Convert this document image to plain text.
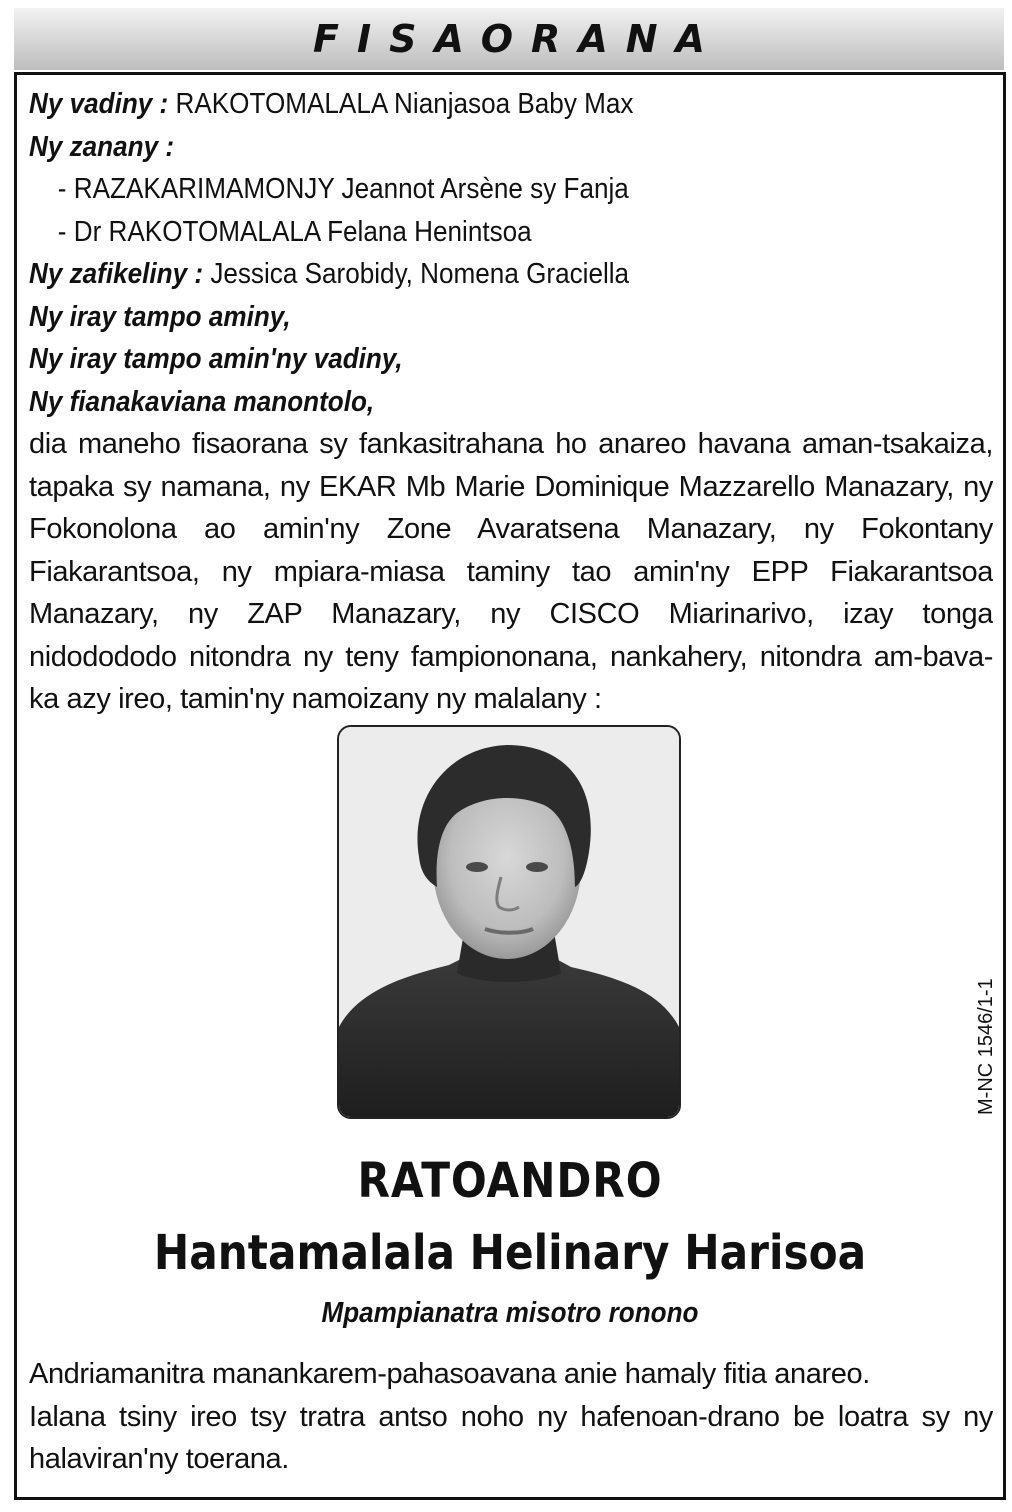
FISAORANA
Ny vadiny : RAKOTOMALALA Nianjasoa Baby Max
Ny zanany :
- RAZAKARIMAMONJY Jeannot Arsène sy Fanja
- Dr RAKOTOMALALA Felana Henintsoa
Ny zafikeliny : Jessica Sarobidy, Nomena Graciella
Ny iray tampo aminy,
Ny iray tampo amin'ny vadiny,
Ny fianakaviana manontolo,
dia maneho fisaorana sy fankasitrahana ho anareo havana aman-tsakaiza,
tapaka sy namana, ny EKAR Mb Marie Dominique Mazzarello Manazary, ny
Fokonolona ao amin'ny Zone Avaratsena Manazary, ny Fokontany
Fiakarantsoa, ny mpiara-miasa taminy tao amin'ny EPP Fiakarantsoa
Manazary, ny ZAP Manazary, ny CISCO Miarinarivo, izay tonga
nidodododo nitondra ny teny fampiononana, nankahery, nitondra am-bava-
ka azy ireo, tamin'ny namoizany ny malalany :
M-NC 1546/1-1
RATOANDRO
Hantamalala Helinary Harisoa
Mpampianatra misotro ronono
Andriamanitra manankarem-pahasoavana anie hamaly fitia anareo.
Ialana tsiny ireo tsy tratra antso noho ny hafenoan-drano be loatra sy ny
halaviran'ny toerana.
